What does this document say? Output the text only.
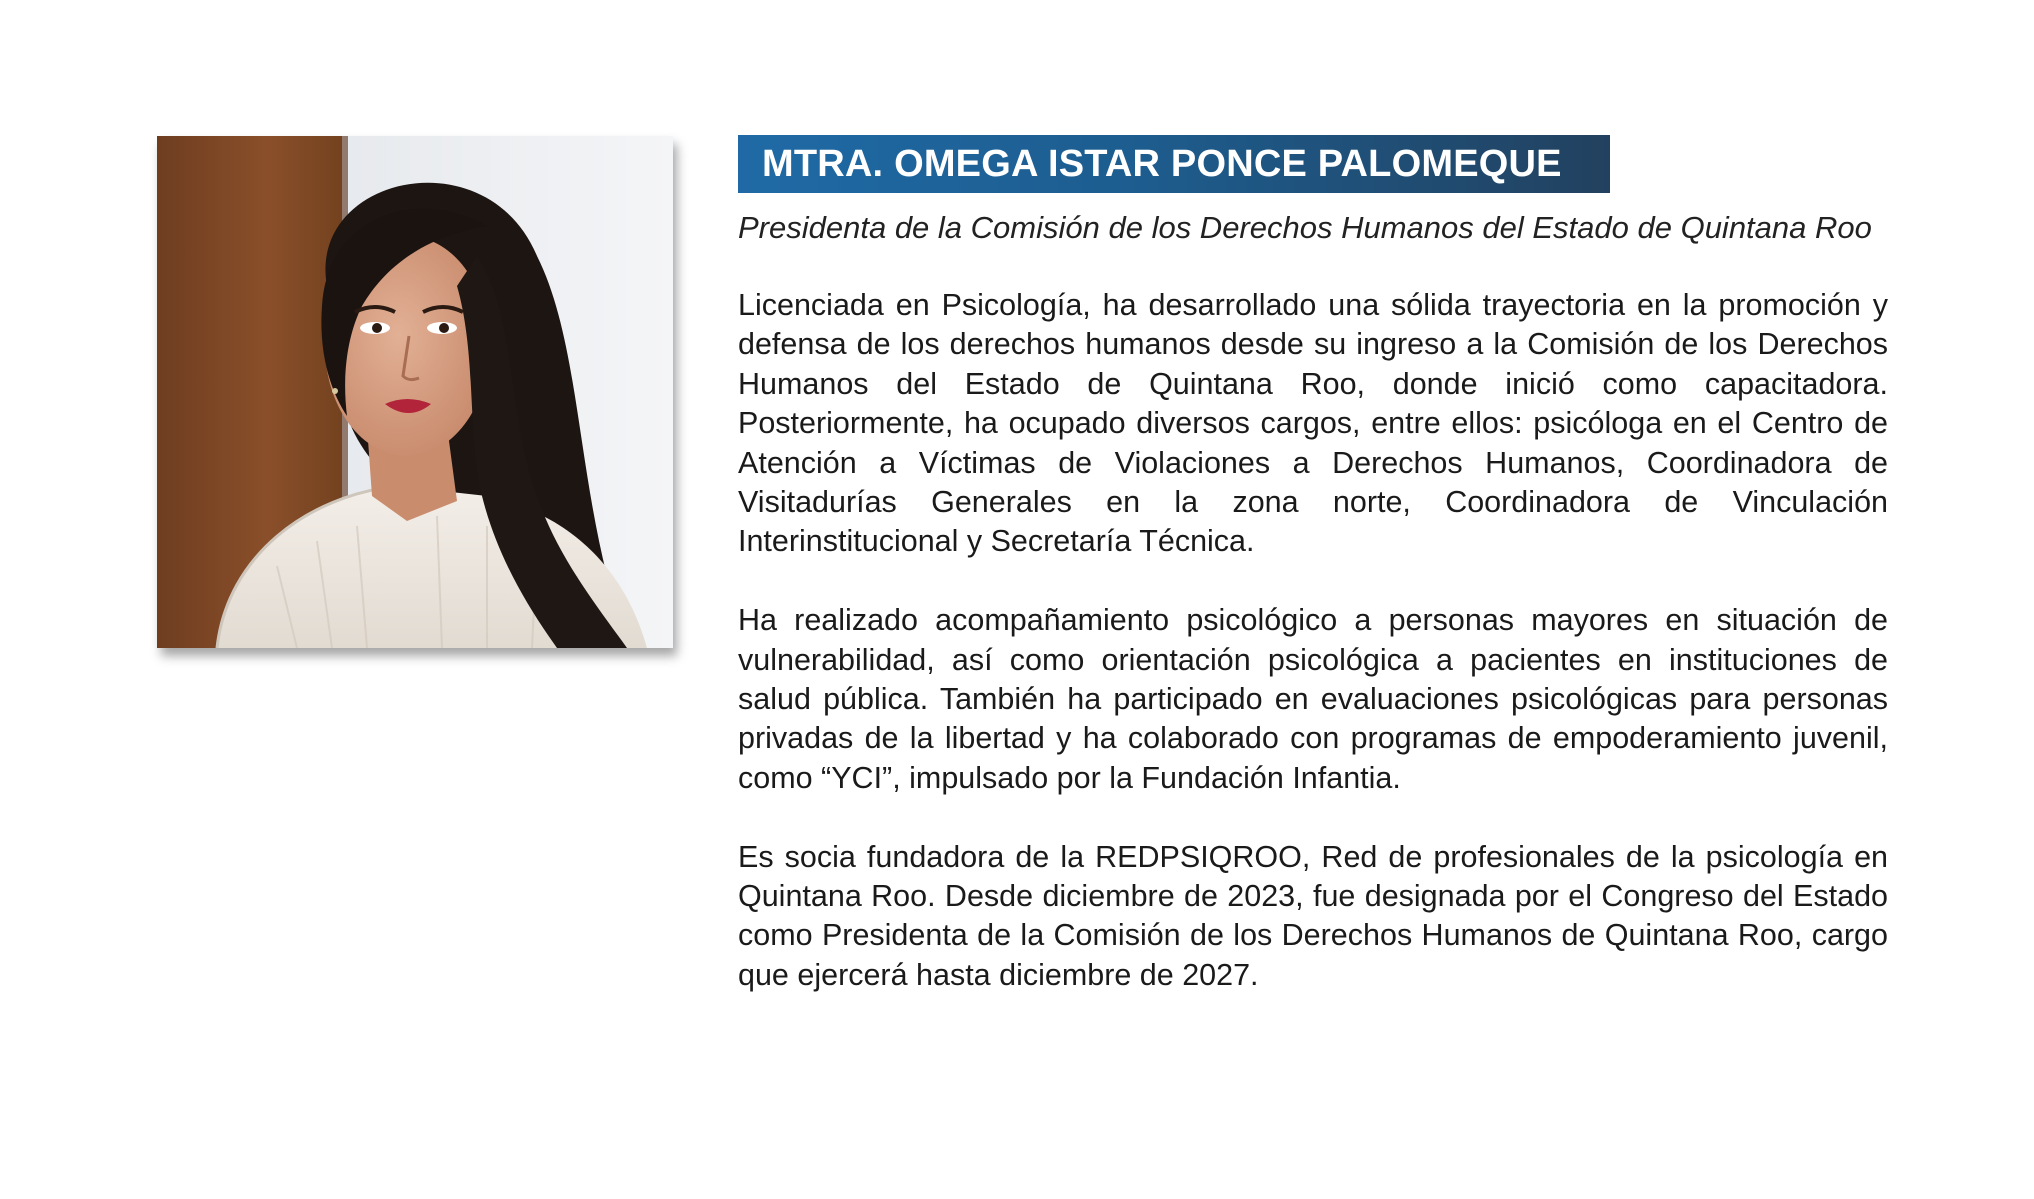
MTRA. OMEGA ISTAR PONCE PALOMEQUE
Presidenta de la Comisión de los Derechos Humanos del Estado de Quintana Roo

Licenciada en Psicología, ha desarrollado una sólida trayectoria en la promoción y defensa de los derechos humanos desde su ingreso a la Comisión de los Derechos Humanos del Estado de Quintana Roo, donde inició como capacitadora. Posteriormente, ha ocupado diversos cargos, entre ellos: psicóloga en el Centro de Atención a Víctimas de Violaciones a Derechos Humanos, Coordinadora de Visitadurías Generales en la zona norte, Coordinadora de Vinculación Interinstitucional y Secretaría Técnica.

Ha realizado acompañamiento psicológico a personas mayores en situación de vulnerabilidad, así como orientación psicológica a pacientes en instituciones de salud pública. También ha participado en evaluaciones psicológicas para personas privadas de la libertad y ha colaborado con programas de empoderamiento juvenil, como “YCI”, impulsado por la Fundación Infantia.

Es socia fundadora de la REDPSIQROO, Red de profesionales de la psicología en Quintana Roo. Desde diciembre de 2023, fue designada por el Congreso del Estado como Presidenta de la Comisión de los Derechos Humanos de Quintana Roo, cargo que ejercerá hasta diciembre de 2027.
